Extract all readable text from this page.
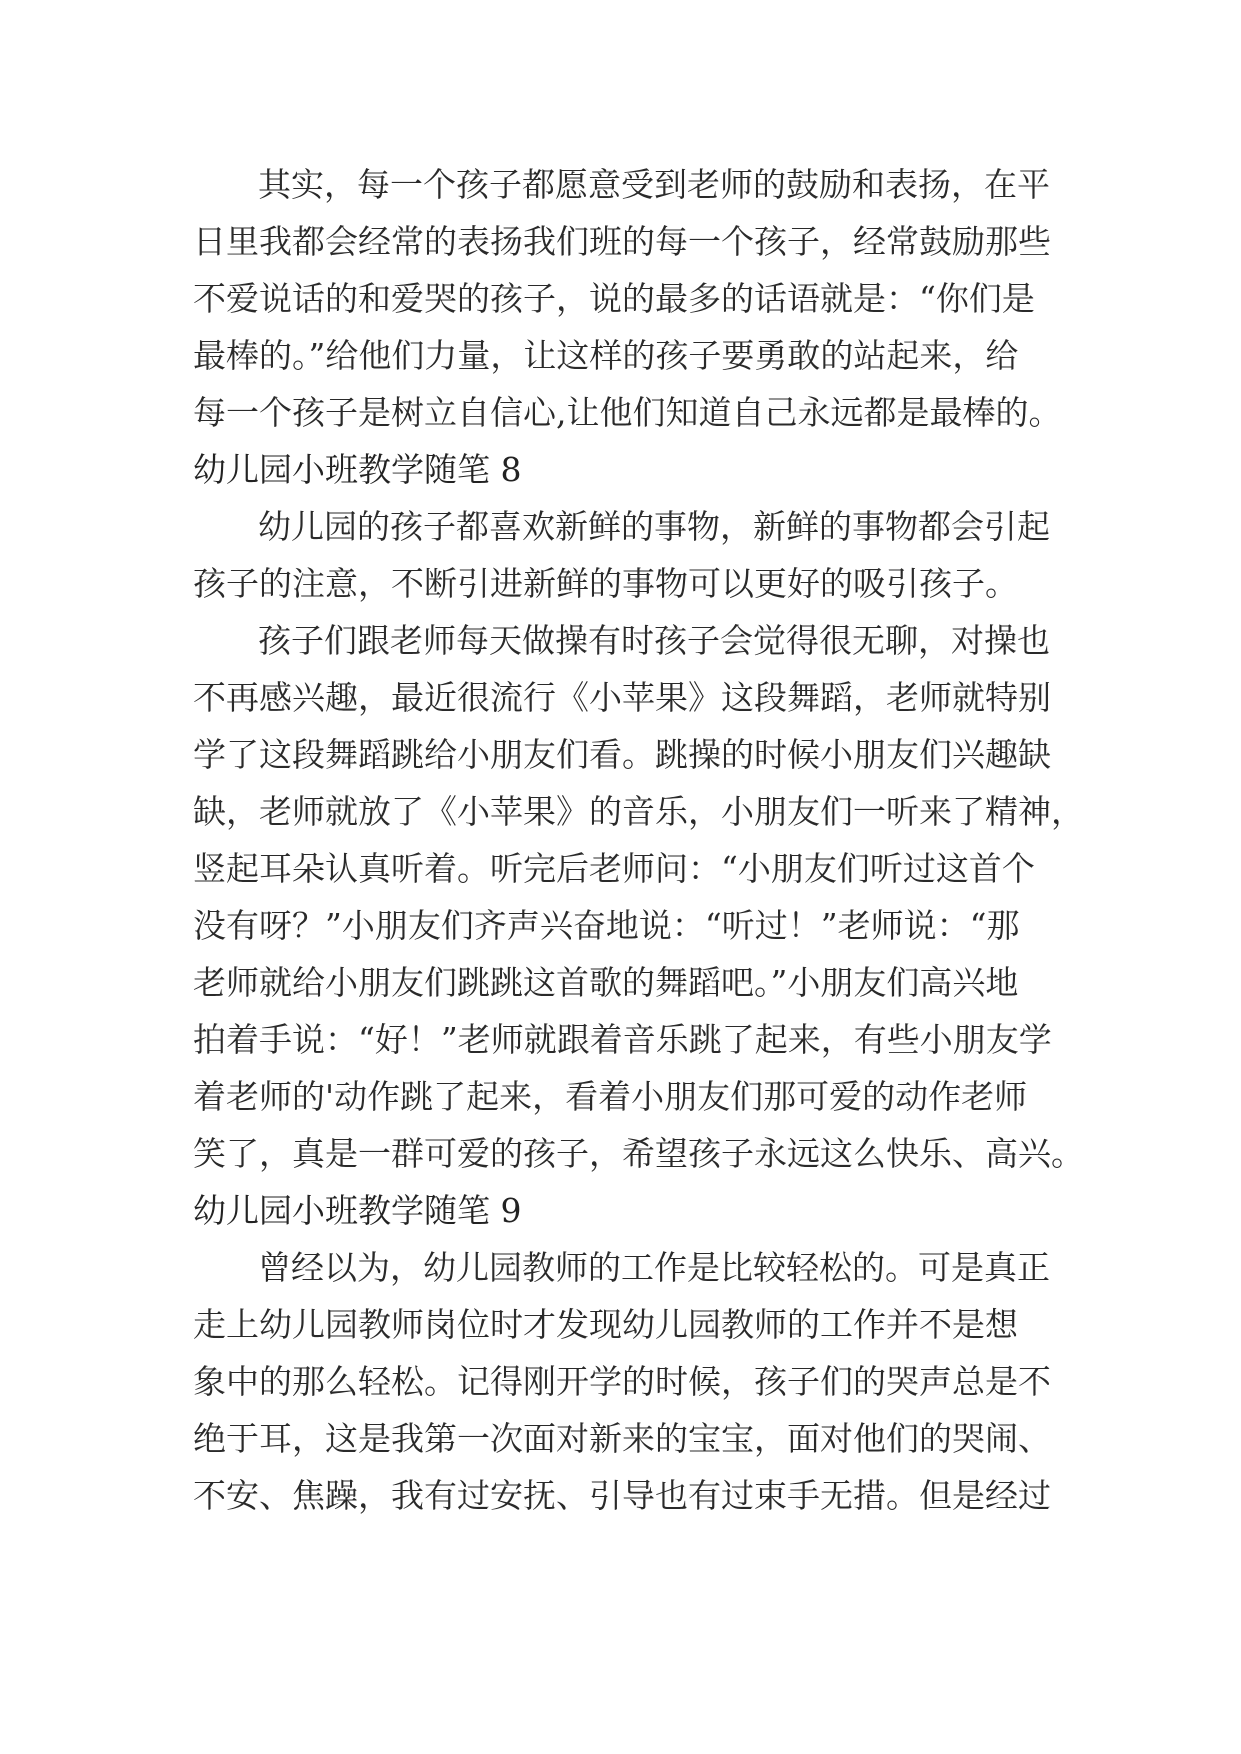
其实，每一个孩子都愿意受到老师的鼓励和表扬，在平
日里我都会经常的表扬我们班的每一个孩子，经常鼓励那些
不爱说话的和爱哭的孩子，说的最多的话语就是：“你们是
最棒的。”给他们力量，让这样的孩子要勇敢的站起来，给
每一个孩子是树立自信心,让他们知道自己永远都是最棒的。
幼儿园小班教学随笔 8
幼儿园的孩子都喜欢新鲜的事物，新鲜的事物都会引起
孩子的注意，不断引进新鲜的事物可以更好的吸引孩子。
孩子们跟老师每天做操有时孩子会觉得很无聊，对操也
不再感兴趣，最近很流行《小苹果》这段舞蹈，老师就特别
学了这段舞蹈跳给小朋友们看。跳操的时候小朋友们兴趣缺
缺，老师就放了《小苹果》的音乐，小朋友们一听来了精神，
竖起耳朵认真听着。听完后老师问：“小朋友们听过这首个
没有呀？”小朋友们齐声兴奋地说：“听过！”老师说：“那
老师就给小朋友们跳跳这首歌的舞蹈吧。”小朋友们高兴地
拍着手说：“好！”老师就跟着音乐跳了起来，有些小朋友学
着老师的'动作跳了起来，看着小朋友们那可爱的动作老师
笑了，真是一群可爱的孩子，希望孩子永远这么快乐、高兴。
幼儿园小班教学随笔 9
曾经以为，幼儿园教师的工作是比较轻松的。可是真正
走上幼儿园教师岗位时才发现幼儿园教师的工作并不是想
象中的那么轻松。记得刚开学的时候，孩子们的哭声总是不
绝于耳，这是我第一次面对新来的宝宝，面对他们的哭闹、
不安、焦躁，我有过安抚、引导也有过束手无措。但是经过
